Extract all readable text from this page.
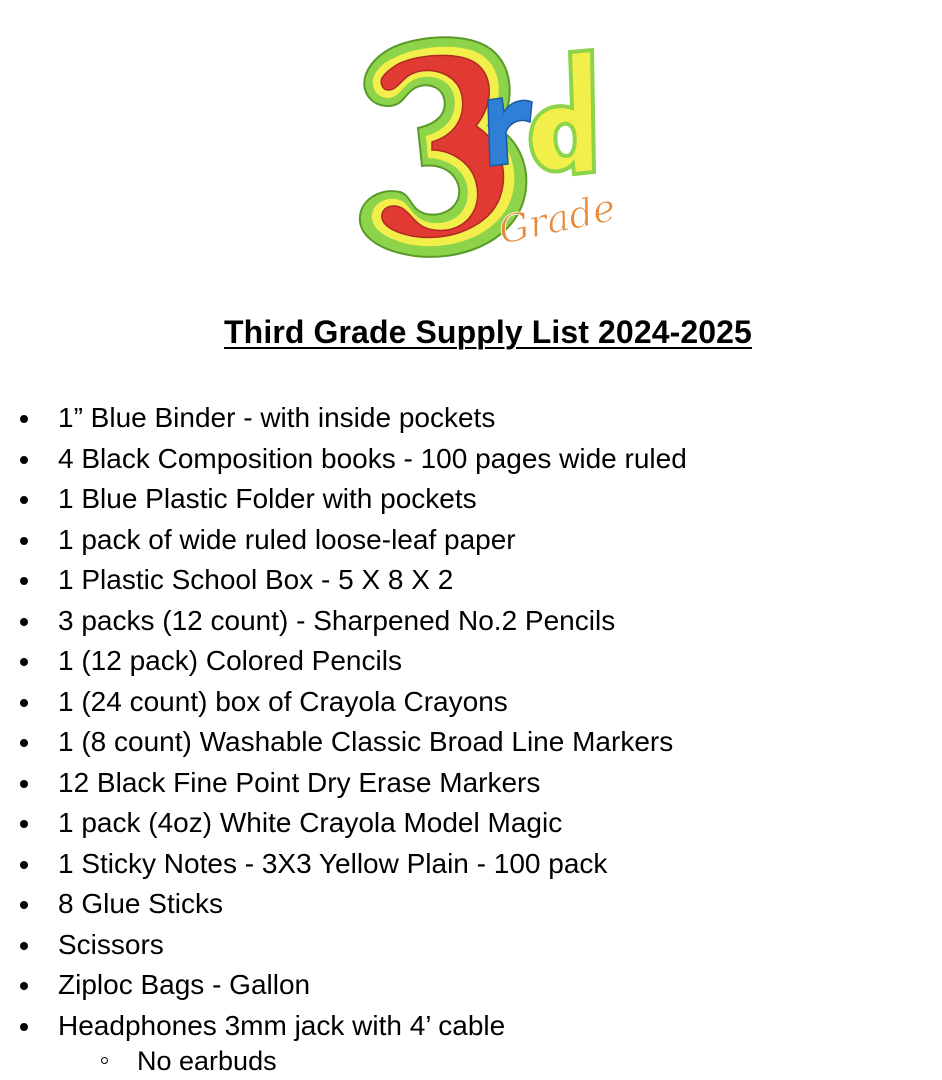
Grade
Third Grade Supply List 2024-2025
1” Blue Binder - with inside pockets
4 Black Composition books - 100 pages wide ruled
1 Blue Plastic Folder with pockets
1 pack of wide ruled loose-leaf paper
1 Plastic School Box - 5 X 8 X 2
3 packs (12 count) - Sharpened No.2 Pencils
1 (12 pack) Colored Pencils
1 (24 count) box of Crayola Crayons
1 (8 count) Washable Classic Broad Line Markers
12 Black Fine Point Dry Erase Markers
1 pack (4oz) White Crayola Model Magic
1 Sticky Notes - 3X3 Yellow Plain - 100 pack
8 Glue Sticks
Scissors
Ziploc Bags - Gallon
Headphones 3mm jack with 4’ cable
No earbuds
